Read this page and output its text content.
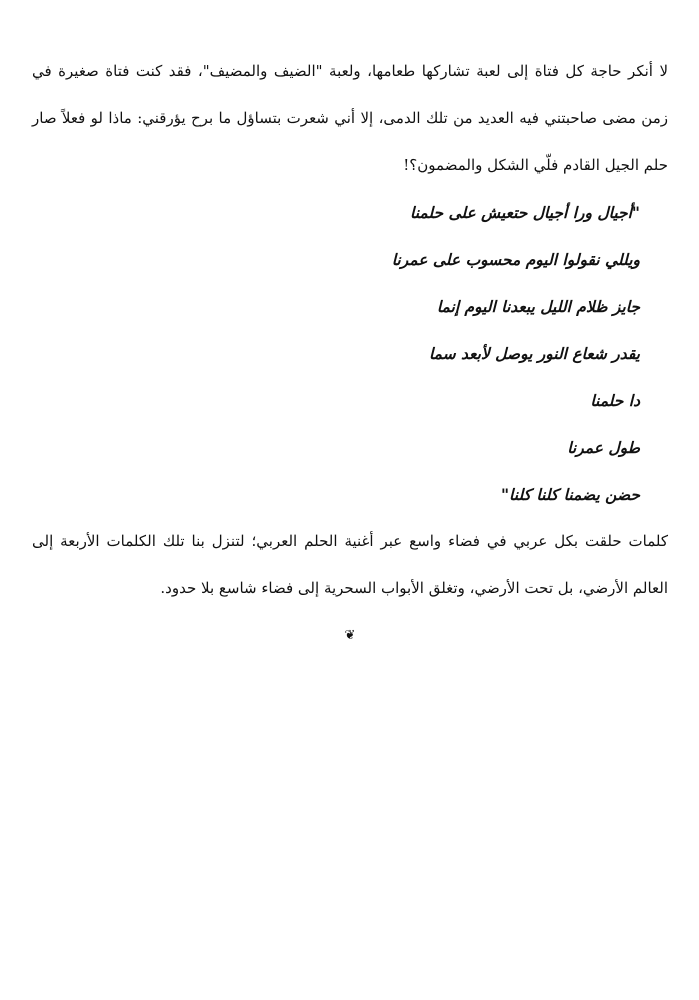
لا أنكر حاجة كل فتاة إلى لعبة تشاركها طعامها، ولعبة "الضيف والمضيف"، فقد كنت فتاة صغيرة في زمن مضى صاحبتني فيه العديد من تلك الدمى، إلا أني شعرت بتساؤل ما برح يؤرقني: ماذا لو فعلاً صار حلم الجيل القادم فلّي الشكل والمضمون؟!

"أجيال ورا أجيال حتعيش على حلمنا
ويللي نقولوا اليوم محسوب على عمرنا
جايز ظلام الليل يبعدنا اليوم إنما
يقدر شعاع النور يوصل لأبعد سما
دا حلمنا
طول عمرنا
حضن يضمنا كلنا كلنا"

كلمات حلقت بكل عربي في فضاء واسع عبر أغنية الحلم العربي؛ لتنزل بنا تلك الكلمات الأربعة إلى العالم الأرضي، بل تحت الأرضي، وتغلق الأبواب السحرية إلى فضاء شاسع بلا حدود.

❦
